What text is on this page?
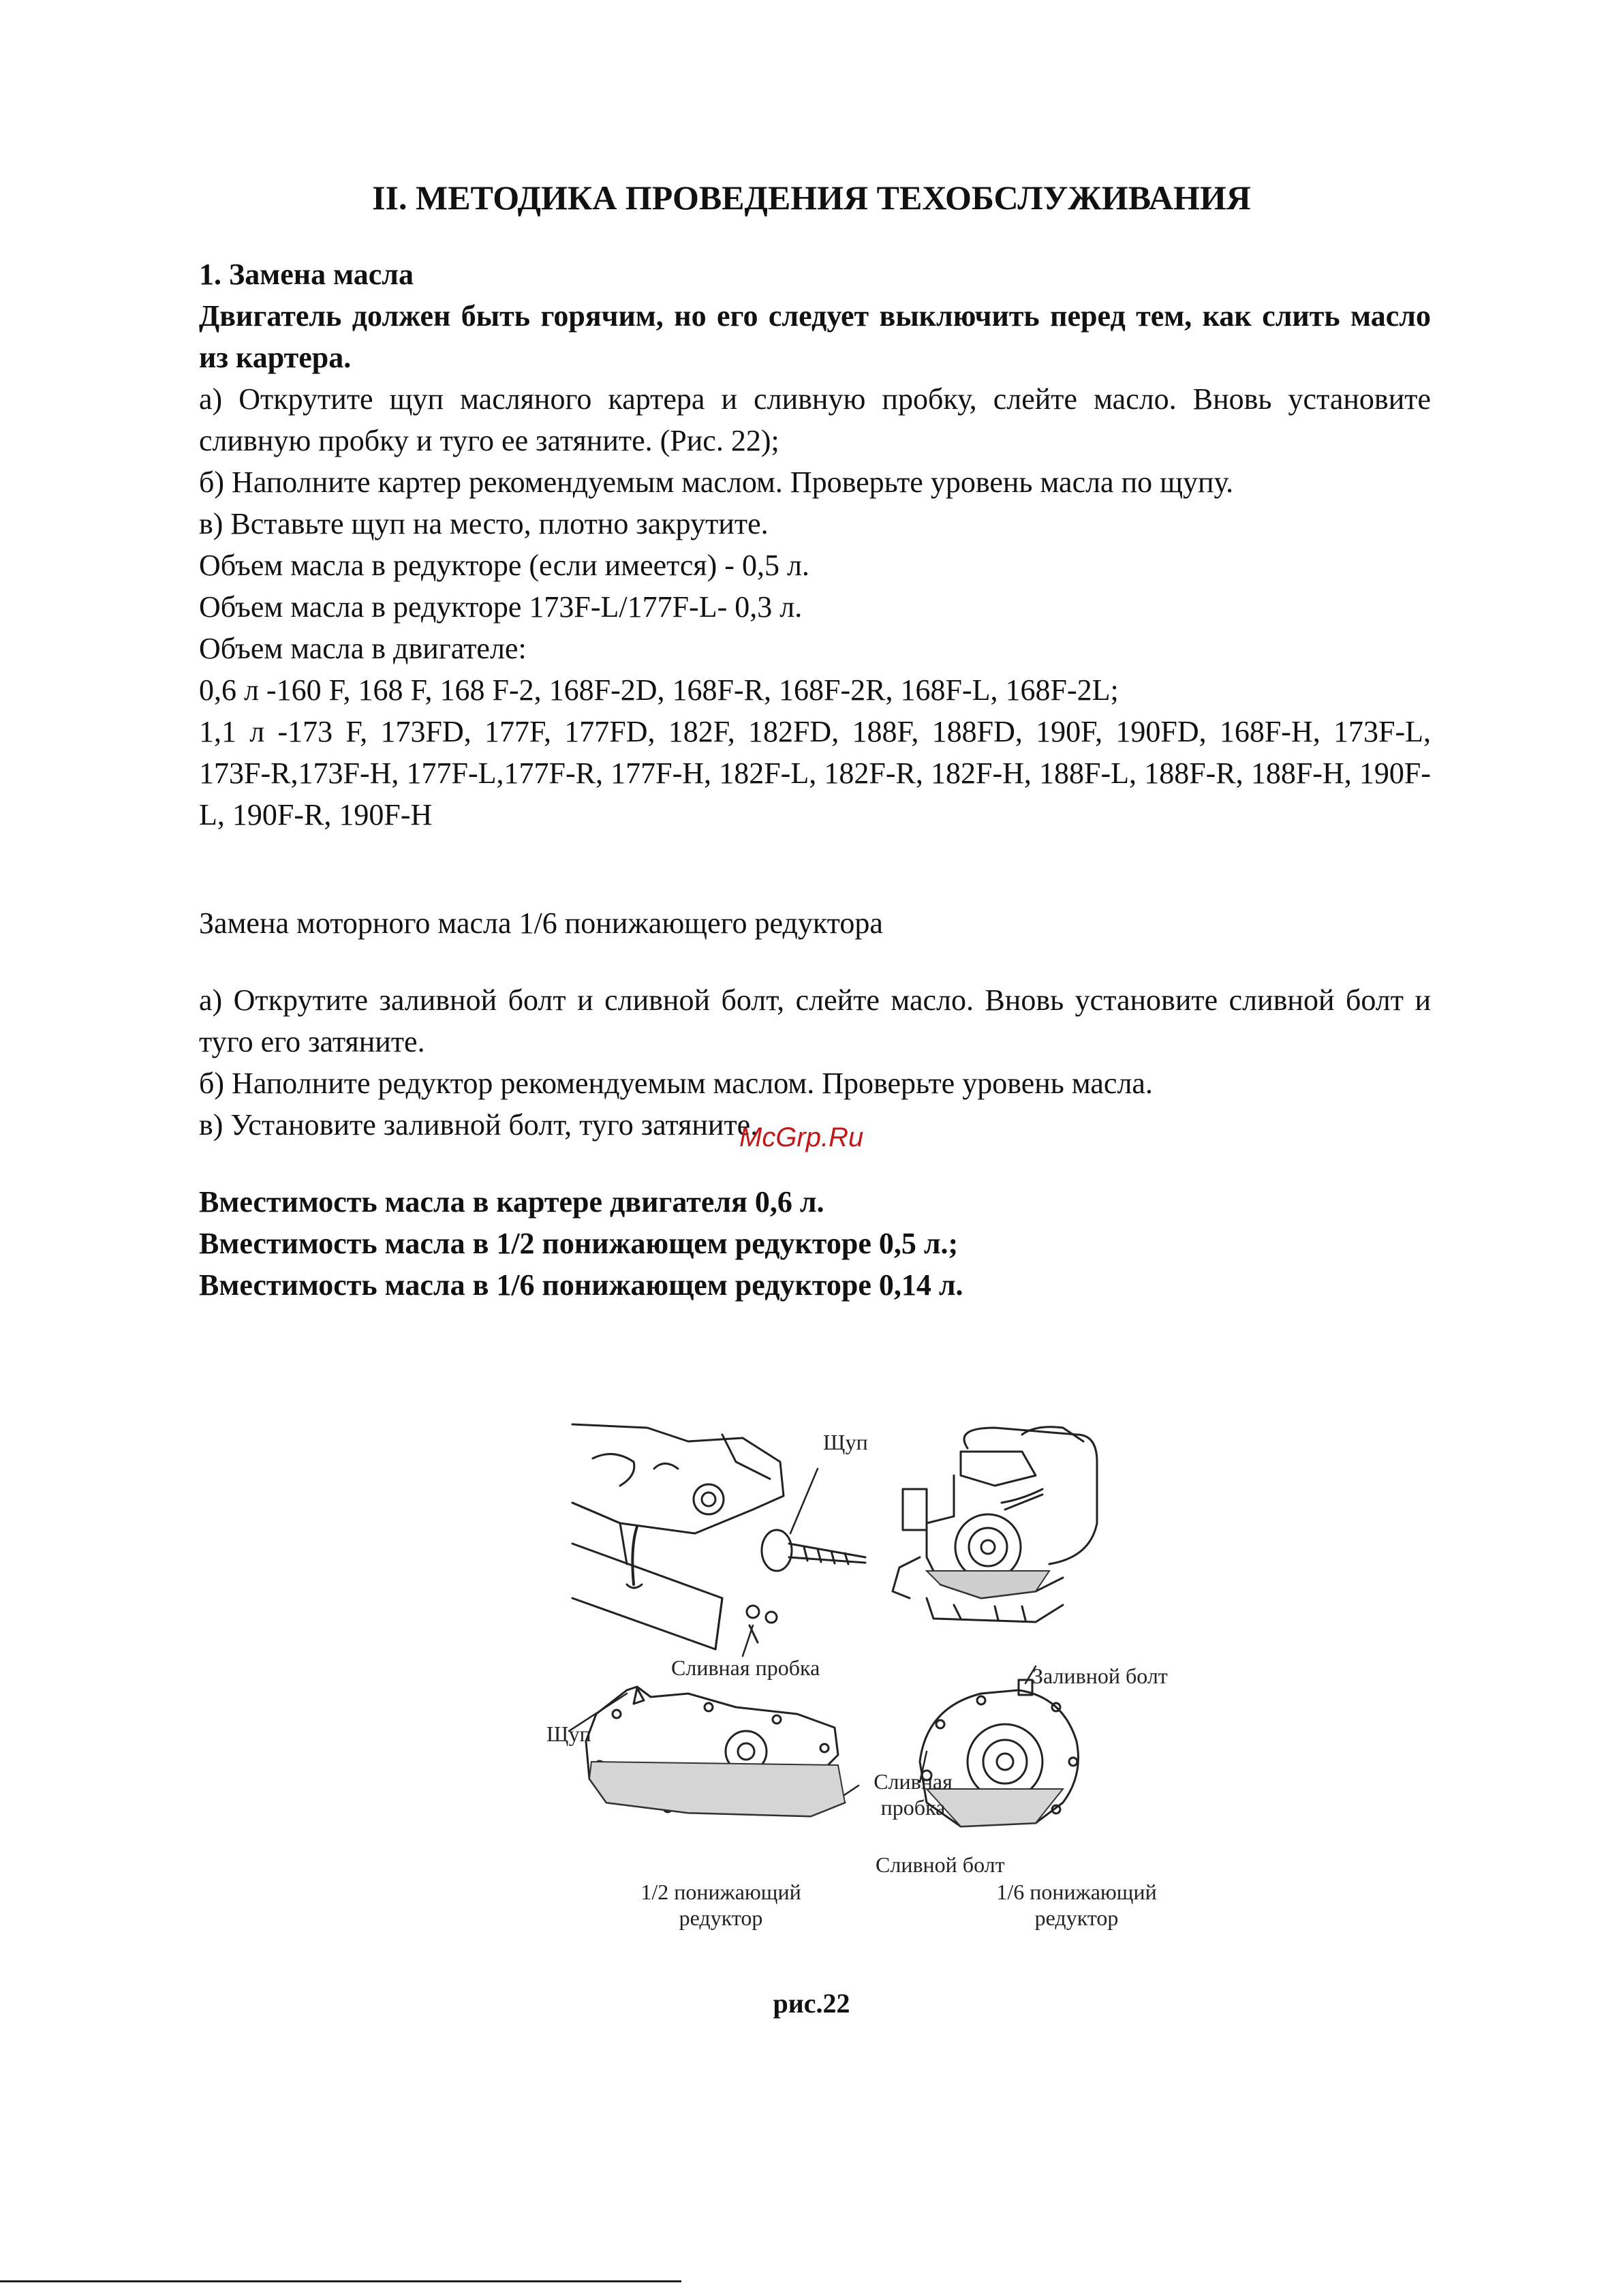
II. МЕТОДИКА ПРОВЕДЕНИЯ ТЕХОБСЛУЖИВАНИЯ

1. Замена масла

Двигатель должен быть горячим, но его следует выключить перед тем, как слить масло из картера.

а) Открутите щуп масляного картера и сливную пробку, слейте масло. Вновь установите сливную пробку и туго ее затяните. (Рис. 22);

б) Наполните картер рекомендуемым маслом. Проверьте уровень масла по щупу.

в) Вставьте щуп на место, плотно закрутите.

Объем масла в редукторе (если имеется) - 0,5 л.

Объем масла в редукторе 173F-L/177F-L- 0,3 л.

Объем масла в двигателе:

0,6 л -160 F, 168 F, 168 F-2, 168F-2D, 168F-R, 168F-2R, 168F-L, 168F-2L;

1,1 л -173 F, 173FD, 177F, 177FD, 182F, 182FD, 188F, 188FD, 190F, 190FD, 168F-H, 173F-L, 173F-R,173F-H, 177F-L,177F-R, 177F-H, 182F-L, 182F-R, 182F-H, 188F-L, 188F-R, 188F-H, 190F-L, 190F-R, 190F-H

Замена моторного масла 1/6 понижающего редуктора

а) Открутите заливной болт и сливной болт, слейте масло. Вновь установите сливной болт и туго его затяните.

б) Наполните редуктор рекомендуемым маслом. Проверьте уровень масла.

в) Установите заливной болт, туго затяните.

Вместимость масла в картере двигателя 0,6 л.

Вместимость масла в 1/2 понижающем редукторе 0,5 л.;

Вместимость масла в 1/6 понижающем редукторе 0,14 л.

McGrp.Ru
Щуп
Сливная пробка	Заливной болт
Щуп
Сливная
пробка
Сливной болт
1/2 понижающий
редуктор
1/6 понижающий
редуктор
рис.22
